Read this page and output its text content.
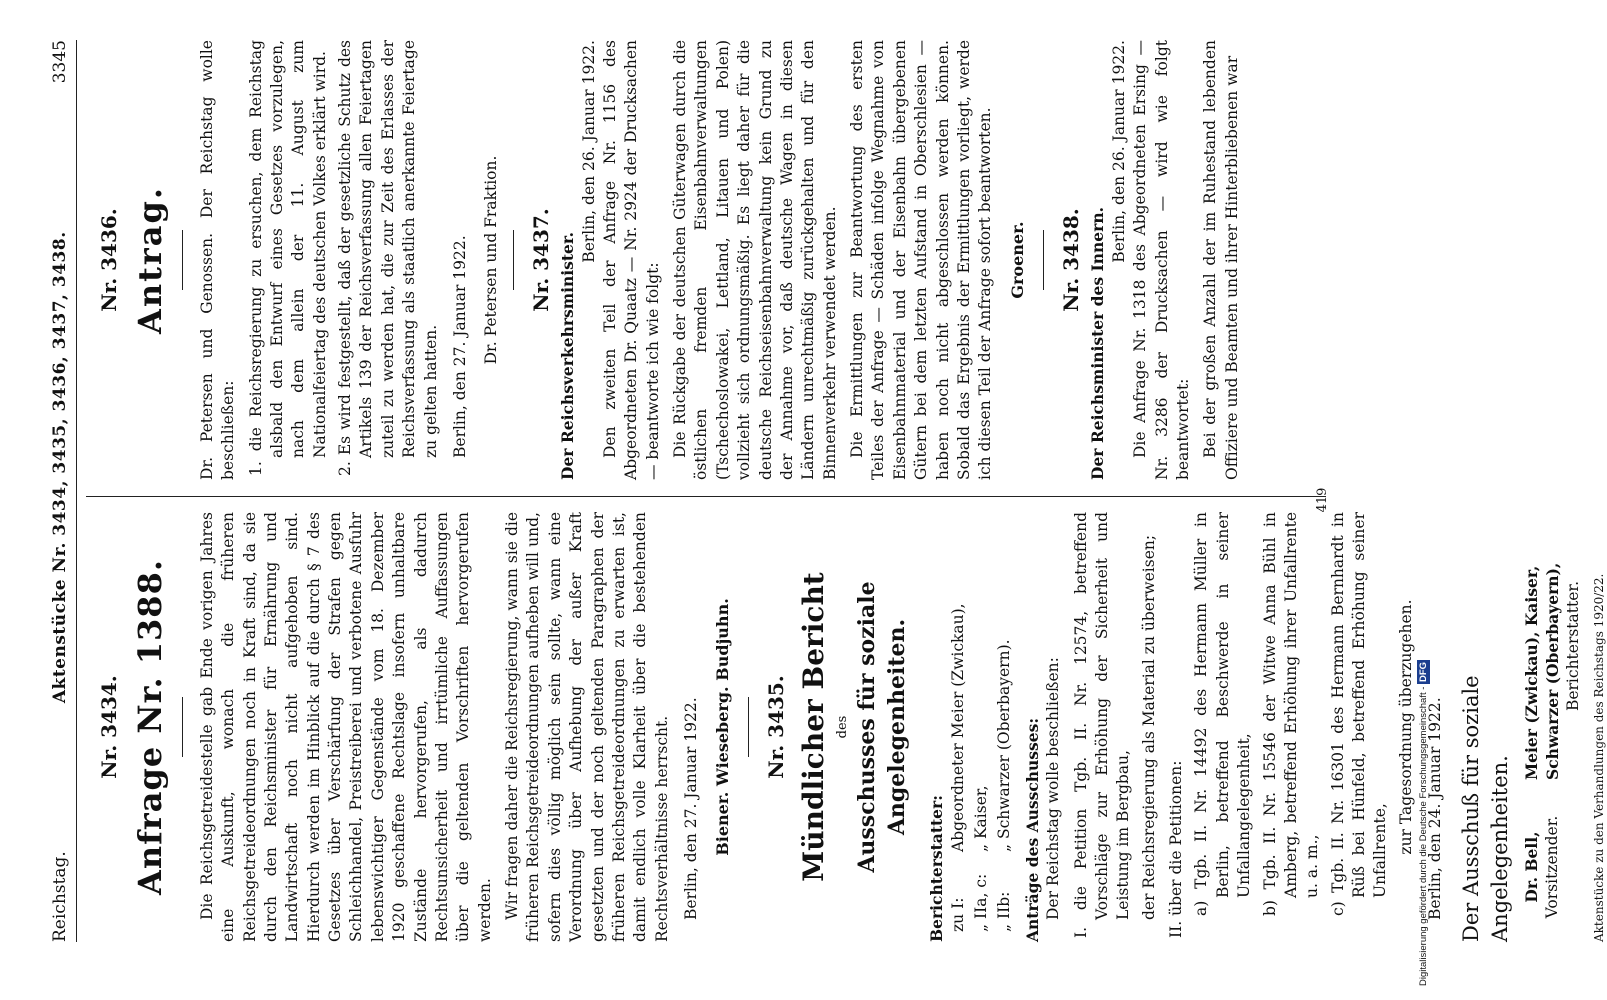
Reichstag.
Aktenstücke Nr. 3434, 3435, 3436, 3437, 3438.
3345
Nr. 3434. Anfrage Nr. 1388. Die Reichsgetreidestelle gab Ende vorigen Jahres eine Auskunft, wonach die früheren Reichsgetreideordnungen noch in Kraft sind, da sie durch den Reichsminister für Ernährung und Landwirtschaft noch nicht aufgehoben sind. Hierdurch werden im Hinblick auf die durch § 7 des Gesetzes über Verschärfung der Strafen gegen Schleichhandel, Preistreiberei und verbotene Ausfuhr lebenswichtiger Gegenstände vom 18. Dezember 1920 geschaffene Rechtslage insofern unhaltbare Zustände hervorgerufen, als dadurch Rechtsunsicherheit und irrtümliche Auffassungen über die geltenden Vorschriften hervorgerufen werden. Wir fragen daher die Reichsregierung, wann sie die früheren Reichsgetreideordnungen aufheben will und, sofern dies völlig möglich sein sollte, wann eine Verordnung über Aufhebung der außer Kraft gesetzten und der noch geltenden Paragraphen der früheren Reichsgetreideordnungen zu erwarten ist, damit endlich volle Klarheit über die bestehenden Rechtsverhältnisse herrscht. Berlin, den 27. Januar 1922. Biener. Wieseberg. Budjuhn. Nr. 3435. Mündlicher Bericht des Ausschusses für soziale Angelegenheiten.
Berichterstatter: zu I:
Abgeordneter Meier (Zwickau),
„ IIa, c:
„ Kaiser,
„ IIb:
„ Schwarzer (Oberbayern). Anträge des Ausschusses: Der Reichstag wolle beschließen: I. die Petition Tgb. II. Nr. 12574, betreffend Vorschläge zur Erhöhung der Sicherheit und Leistung im Bergbau, der Reichsregierung als Material zu überweisen; II. über die Petitionen: a) Tgb. II. Nr. 14492 des Hermann Müller in Berlin, betreffend Beschwerde in seiner Unfallangelegenheit, b) Tgb. II. Nr. 15546 der Witwe Anna Bühl in Amberg, betreffend Erhöhung ihrer Unfallrente u. a. m., c) Tgb. II. Nr. 16301 des Hermann Bernhardt in Rüß bei Hünfeld, betreffend Erhöhung seiner Unfallrente, zur Tagesordnung überzugehen. Berlin, den 24. Januar 1922. Der Ausschuß für soziale Angelegenheiten. Dr. Bell, Vorsitzender.
Meier (Zwickau), Kaiser, Schwarzer (Oberbayern), Berichterstatter. Aktenstücke zu den Verhandlungen des Reichstags 1920/22.
Nr. 3436. Antrag. Dr. Petersen und Genossen. Der Reichstag wolle beschließen: 1. die Reichsregierung zu ersuchen, dem Reichstag alsbald den Entwurf eines Gesetzes vorzulegen, nach dem allein der 11. August zum Nationalfeiertag des deutschen Volkes erklärt wird. 2. Es wird festgestellt, daß der gesetzliche Schutz des Artikels 139 der Reichsverfassung allen Feiertagen zuteil zu werden hat, die zur Zeit des Erlasses der Reichsverfassung als staatlich anerkannte Feiertage zu gelten hatten. Berlin, den 27. Januar 1922. Dr. Petersen und Fraktion. Nr. 3437. Der Reichsverkehrsminister.
Berlin, den 26. Januar 1922. Den zweiten Teil der Anfrage Nr. 1156 des Abgeordneten Dr. Quaatz — Nr. 2924 der Drucksachen — beantworte ich wie folgt: Die Rückgabe der deutschen Güterwagen durch die östlichen fremden Eisenbahnverwaltungen (Tschechoslowakei, Lettland, Litauen und Polen) vollzieht sich ordnungsmäßig. Es liegt daher für die deutsche Reichseisenbahnverwaltung kein Grund zu der Annahme vor, daß deutsche Wagen in diesen Ländern unrechtmäßig zurückgehalten und für den Binnenverkehr verwendet werden. Die Ermittlungen zur Beantwortung des ersten Teiles der Anfrage — Schäden infolge Wegnahme von Eisenbahnmaterial und der Eisenbahn übergebenen Gütern bei dem letzten Aufstand in Oberschlesien — haben noch nicht abgeschlossen werden können. Sobald das Ergebnis der Ermittlungen vorliegt, werde ich diesen Teil der Anfrage sofort beantworten. Groener. Nr. 3438. Der Reichsminister des Innern.
Berlin, den 26. Januar 1922. Die Anfrage Nr. 1318 des Abgeordneten Ersing — Nr. 3286 der Drucksachen — wird wie folgt beantwortet: Bei der großen Anzahl der im Ruhestand lebenden Offiziere und Beamten und ihrer Hinterbliebenen war

419
Digitalisierung gefördert durch die Deutsche Forschungsgemeinschaft - DFG
